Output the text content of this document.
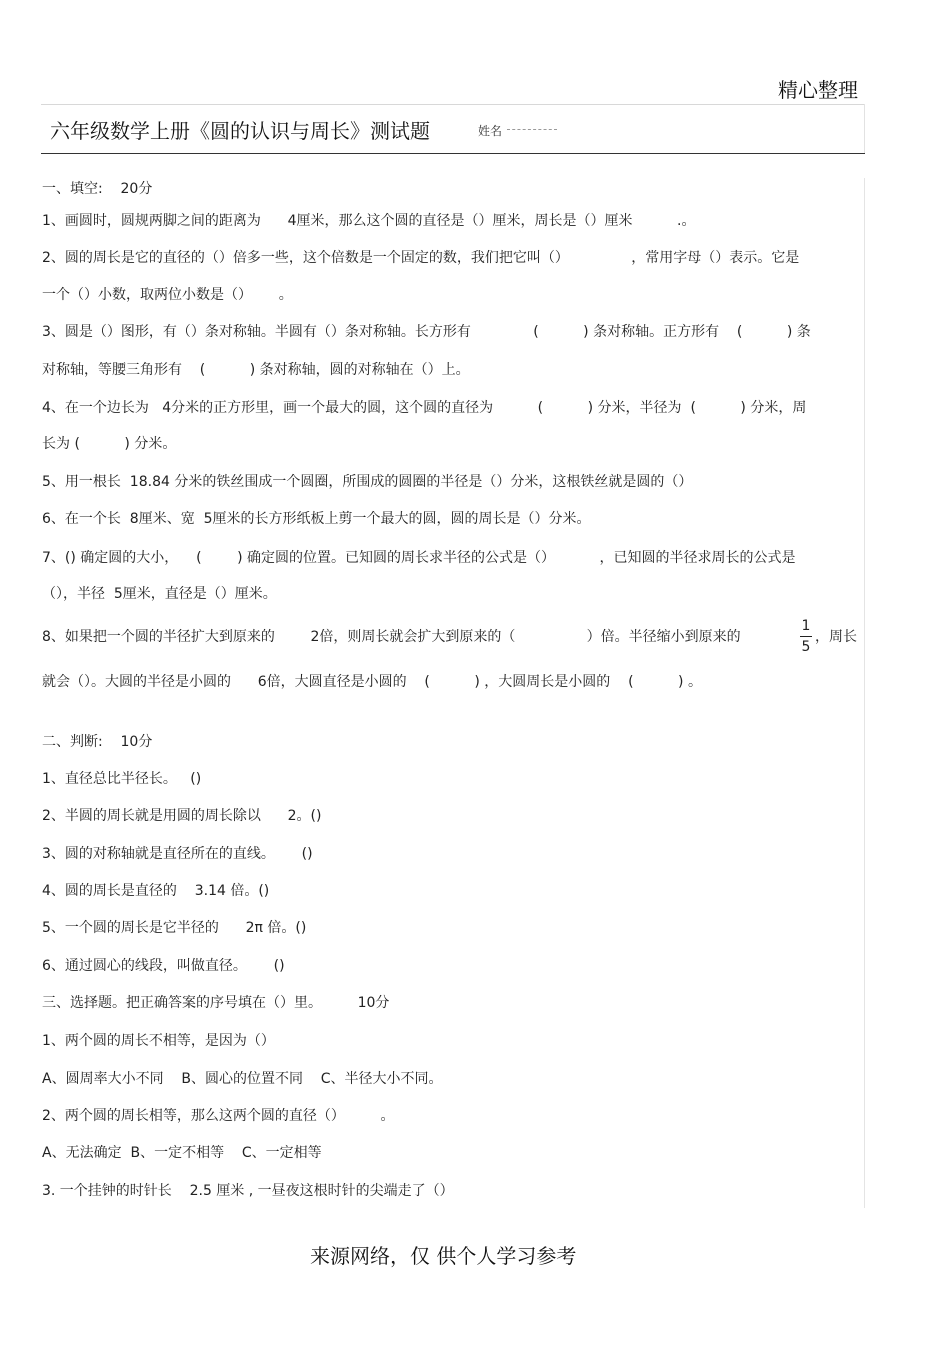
精心整理
六年级数学上册《圆的认识与周长》测试题	姓名
一、填空:    20分
1、画圆时，圆规两脚之间的距离为      4厘米，那么这个圆的直径是（）厘米，周长是（）厘米          .。
2、圆的周长是它的直径的（）倍多一些，这个倍数是一个固定的数，我们把它叫（）              ，常用字母（）表示。它是
一个（）小数，取两位小数是（）      。
3、圆是（）图形，有（）条对称轴。半圆有（）条对称轴。长方形有              (          ) 条对称轴。正方形有    (          ) 条
对称轴，等腰三角形有    (          ) 条对称轴，圆的对称轴在（）上。
4、在一个边长为   4分米的正方形里，画一个最大的圆，这个圆的直径为          (          ) 分米，半径为  (          ) 分米，周
长为 (          ) 分米。
5、用一根长  18.84 分米的铁丝围成一个圆圈，所围成的圆圈的半径是（）分米，这根铁丝就是圆的（）
6、在一个长  8厘米、宽  5厘米的长方形纸板上剪一个最大的圆，圆的周长是（）分米。
7、() 确定圆的大小，    (        ) 确定圆的位置。已知圆的周长求半径的公式是（）          ，已知圆的半径求周长的公式是
（），半径  5厘米，直径是（）厘米。
8、如果把一个圆的半径扩大到原来的        2倍，则周长就会扩大到原来的（                ）倍。半径缩小到原来的
1
5
，周长
就会（）。大圆的半径是小圆的      6倍，大圆直径是小圆的    (          ) ，大圆周长是小圆的    (          ) 。
二、判断:    10分
1、直径总比半径长。   ()
2、半圆的周长就是用圆的周长除以      2。()
3、圆的对称轴就是直径所在的直线。      ()
4、圆的周长是直径的    3.14 倍。()
5、一个圆的周长是它半径的      2π 倍。()
6、通过圆心的线段，叫做直径。      ()
三、选择题。把正确答案的序号填在（）里。        10分
1、两个圆的周长不相等，是因为（）
A、圆周率大小不同    B、圆心的位置不同    C、半径大小不同。
2、两个圆的周长相等，那么这两个圆的直径（）        。
A、无法确定  B、一定不相等    C、一定相等
3. 一个挂钟的时针长    2.5 厘米 , 一昼夜这根时针的尖端走了（）
来源网络，仅 供个人学习参考
